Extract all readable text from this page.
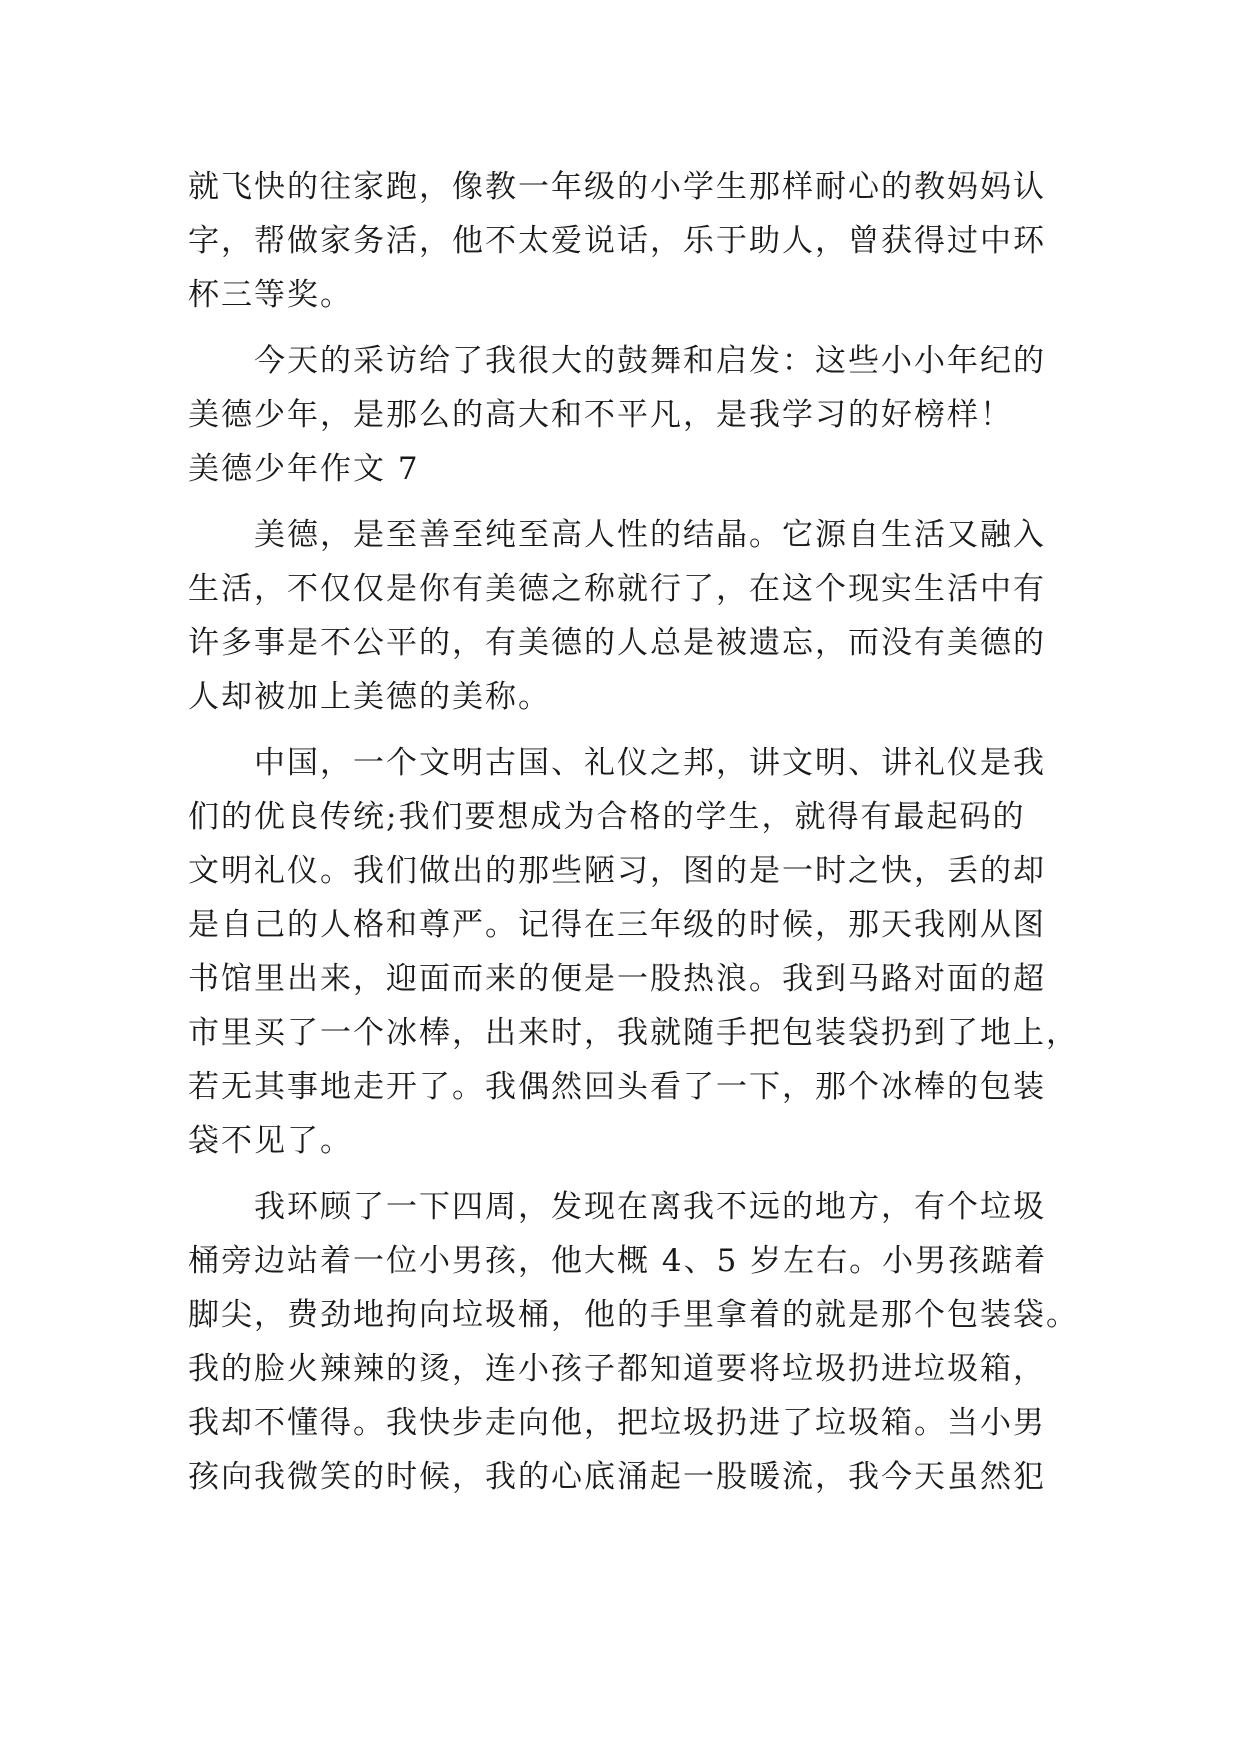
就飞快的往家跑，像教一年级的小学生那样耐心的教妈妈认
字，帮做家务活，他不太爱说话，乐于助人，曾获得过中环
杯三等奖。
今天的采访给了我很大的鼓舞和启发：这些小小年纪的
美德少年，是那么的高大和不平凡，是我学习的好榜样！
美德少年作文 7
美德，是至善至纯至高人性的结晶。它源自生活又融入
生活，不仅仅是你有美德之称就行了，在这个现实生活中有
许多事是不公平的，有美德的人总是被遗忘，而没有美德的
人却被加上美德的美称。
中国，一个文明古国、礼仪之邦，讲文明、讲礼仪是我
们的优良传统;我们要想成为合格的学生，就得有最起码的
文明礼仪。我们做出的那些陋习，图的是一时之快，丢的却
是自己的人格和尊严。记得在三年级的时候，那天我刚从图
书馆里出来，迎面而来的便是一股热浪。我到马路对面的超
市里买了一个冰棒，出来时，我就随手把包装袋扔到了地上，
若无其事地走开了。我偶然回头看了一下，那个冰棒的包装
袋不见了。
我环顾了一下四周，发现在离我不远的地方，有个垃圾
桶旁边站着一位小男孩，他大概 4、5 岁左右。小男孩踮着
脚尖，费劲地拘向垃圾桶，他的手里拿着的就是那个包装袋。
我的脸火辣辣的烫，连小孩子都知道要将垃圾扔进垃圾箱，
我却不懂得。我快步走向他，把垃圾扔进了垃圾箱。当小男
孩向我微笑的时候，我的心底涌起一股暖流，我今天虽然犯
